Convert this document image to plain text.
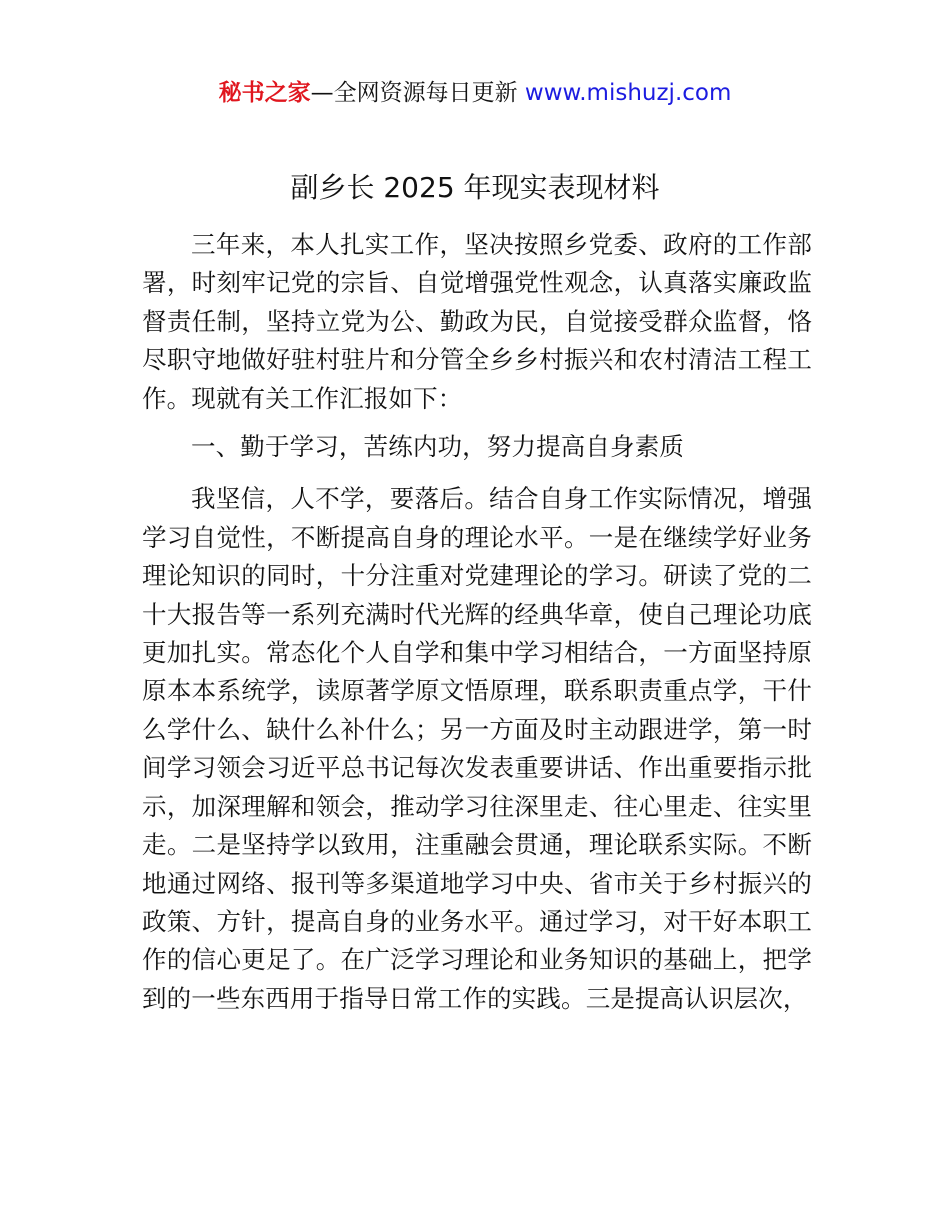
秘书之家—全网资源每日更新 www.mishuzj.com
副乡长 2025 年现实表现材料

三年来，本人扎实工作，坚决按照乡党委、政府的工作部署，时刻牢记党的宗旨、自觉增强党性观念，认真落实廉政监督责任制，坚持立党为公、勤政为民，自觉接受群众监督，恪尽职守地做好驻村驻片和分管全乡乡村振兴和农村清洁工程工作。现就有关工作汇报如下：

一、勤于学习，苦练内功，努力提高自身素质

我坚信，人不学，要落后。结合自身工作实际情况，增强学习自觉性，不断提高自身的理论水平。一是在继续学好业务理论知识的同时，十分注重对党建理论的学习。研读了党的二十大报告等一系列充满时代光辉的经典华章，使自己理论功底更加扎实。常态化个人自学和集中学习相结合，一方面坚持原原本本系统学，读原著学原文悟原理，联系职责重点学，干什么学什么、缺什么补什么；另一方面及时主动跟进学，第一时间学习领会习近平总书记每次发表重要讲话、作出重要指示批示，加深理解和领会，推动学习往深里走、往心里走、往实里走。二是坚持学以致用，注重融会贯通，理论联系实际。不断地通过网络、报刊等多渠道地学习中央、省市关于乡村振兴的政策、方针，提高自身的业务水平。通过学习，对干好本职工作的信心更足了。在广泛学习理论和业务知识的基础上，把学到的一些东西用于指导日常工作的实践。三是提高认识层次，
